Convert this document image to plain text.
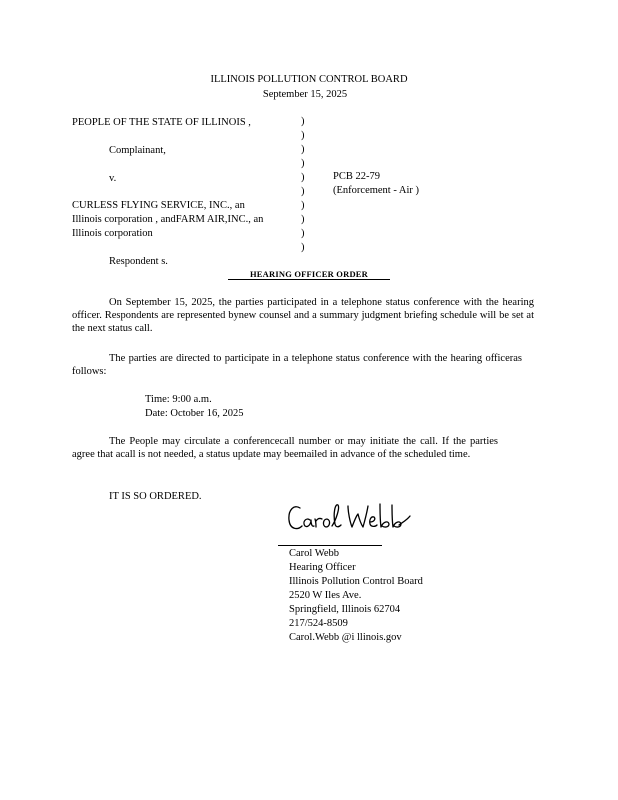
ILLINOIS POLLUTION CONTROL BOARD
September 15, 2025
PEOPLE OF THE STATE OF ILLINOIS ,
Complainant,
v.
CURLESS FLYING SERVICE, INC., an
Illinois corporation , andFARM AIR,INC., an
Illinois corporation
Respondent s.
)
)
)
)
)
)
)
)
)
)
PCB 22-79
(Enforcement - Air )
HEARING OFFICER ORDER
On September 15, 2025, the parties participated in a telephone status conference with the hearing officer. Respondents are represented bynew counsel and a summary judgment briefing schedule will be set at the next status call.
The parties are directed to participate in a telephone status conference with the hearing officeras follows:
Time: 9:00 a.m.
Date: October 16, 2025
The People may circulate a conferencecall number or may initiate the call. If the parties agree that acall is not needed, a status update may beemailed in advance of the scheduled time.
IT IS SO ORDERED.
Carol Webb
Hearing Officer
Illinois Pollution Control Board
2520 W Iles Ave.
Springfield, Illinois 62704
217/524-8509
Carol.Webb @i llinois.gov
